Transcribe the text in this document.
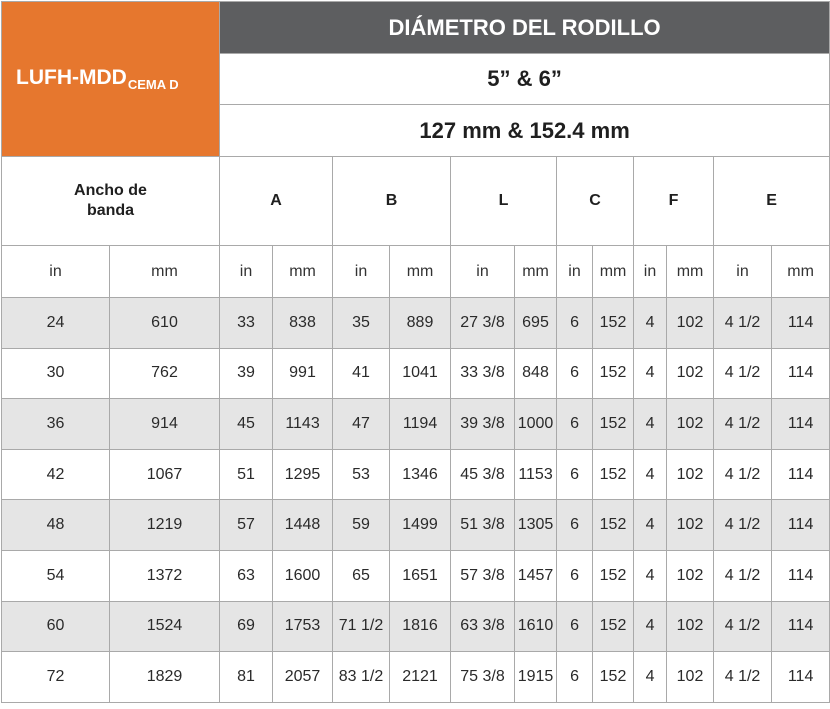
LUFH-$MDD_{CEMA D}$		DIÁMETRO DEL RODILLO											
		5” & 6”											
		127 mm & 152.4 mm											

Ancho de banda		A		B		L		C		F		E	
in	mm	in	mm	in	mm	in	mm	in	mm	in	mm	in	mm
24	610	33	838	35	889	27 3/8	695	6	152	4	102	4 1/2	114
30	762	39	991	41	1041	33 3/8	848	6	152	4	102	4 1/2	114
36	914	45	1143	47	1194	39 3/8	1000	6	152	4	102	4 1/2	114
42	1067	51	1295	53	1346	45 3/8	1153	6	152	4	102	4 1/2	114
48	1219	57	1448	59	1499	51 3/8	1305	6	152	4	102	4 1/2	114
54	1372	63	1600	65	1651	57 3/8	1457	6	152	4	102	4 1/2	114
60	1524	69	1753	71 1/2	1816	63 3/8	1610	6	152	4	102	4 1/2	114
72	1829	81	2057	83 1/2	2121	75 3/8	1915	6	152	4	102	4 1/2	114
